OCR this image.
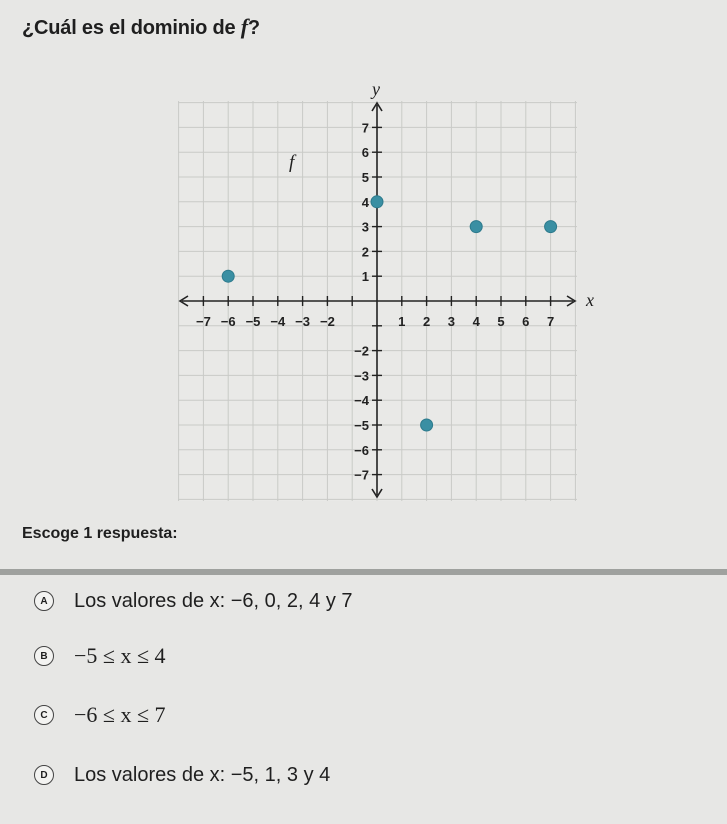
¿Cuál es el dominio de f?
−7 −6 −5 −4 −3 −2	1 2 3 4 5 6 7
7
6
5
4
3
2
1
−2
−3
−4
−5
−6
−7
f
x
y
Escoge 1 respuesta:
A	Los valores de x: −6, 0, 2, 4 y 7
B −5 ≤ x ≤ 4
C −6 ≤ x ≤ 7
D	Los valores de x: −5, 1, 3 y 4
